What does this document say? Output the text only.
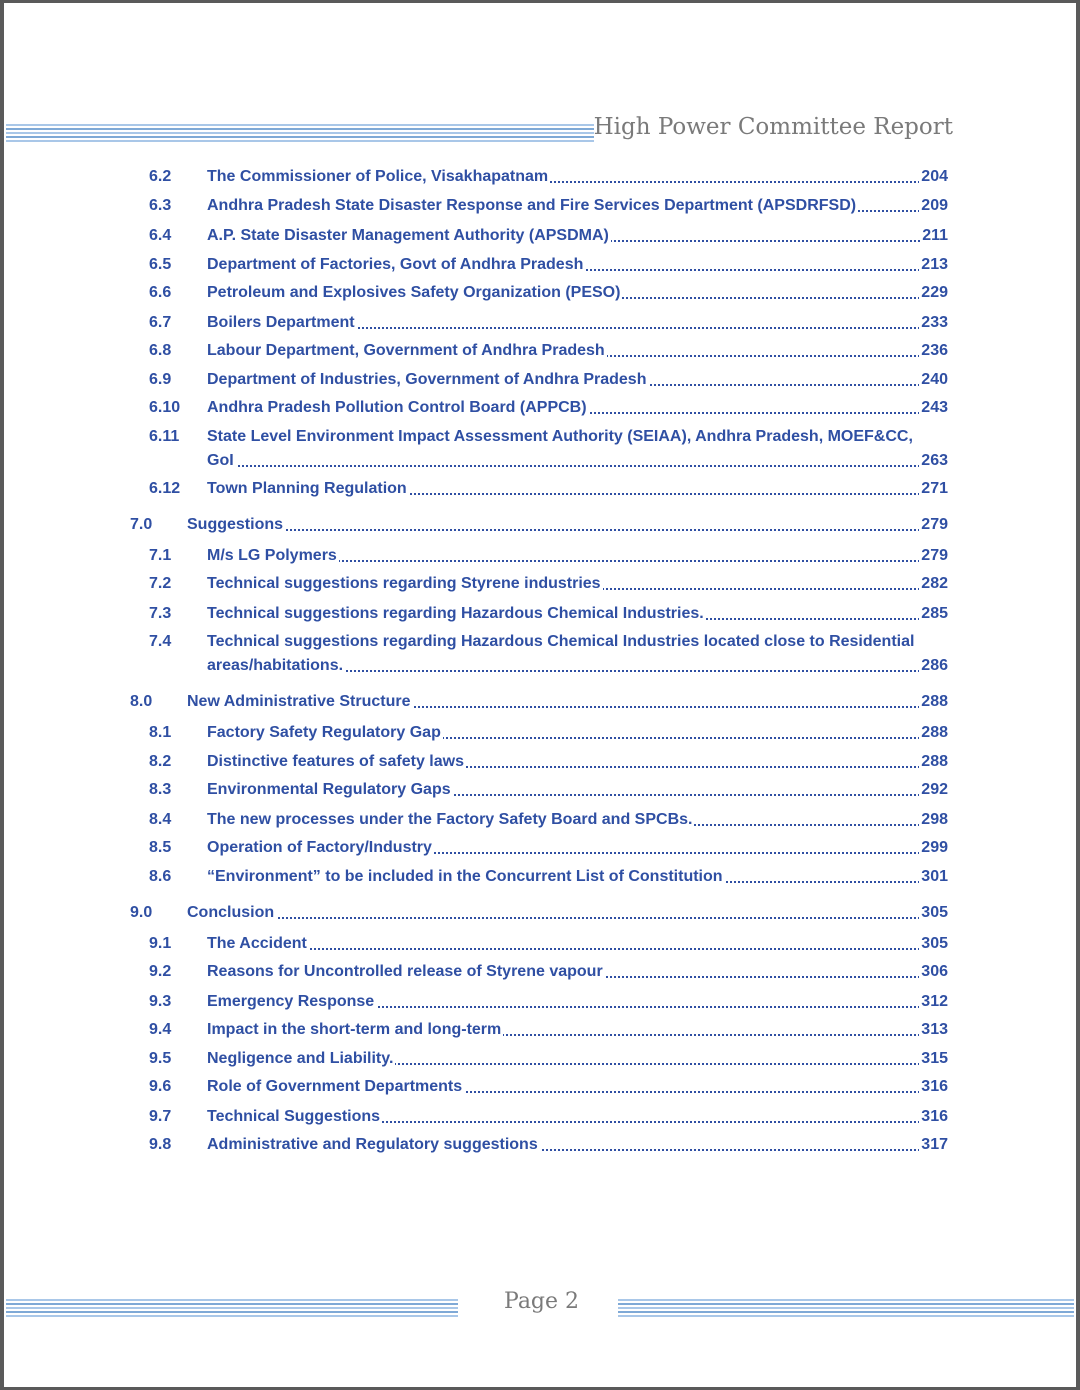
High Power Committee Report
6.2 The Commissioner of Police, Visakhapatnam	204
6.3 Andhra Pradesh State Disaster Response and Fire Services Department (APSDRFSD)	209
6.4 A.P. State Disaster Management Authority (APSDMA)	211
6.5 Department of Factories, Govt of Andhra Pradesh	213
6.6 Petroleum and Explosives Safety Organization (PESO)	229
6.7 Boilers Department	233
6.8 Labour Department, Government of Andhra Pradesh	236
6.9 Department of Industries, Government of Andhra Pradesh	240
6.10 Andhra Pradesh Pollution Control Board (APPCB)	243
6.11 State Level Environment Impact Assessment Authority (SEIAA), Andhra Pradesh, MOEF&CC,
GoI	263
6.12 Town Planning Regulation	271
7.0 Suggestions	279
7.1 M/s LG Polymers	279
7.2 Technical suggestions regarding Styrene industries	282
7.3 Technical suggestions regarding Hazardous Chemical Industries.	285
7.4 Technical suggestions regarding Hazardous Chemical Industries located close to Residential
areas/habitations.	286
8.0 New Administrative Structure	288
8.1 Factory Safety Regulatory Gap	288
8.2 Distinctive features of safety laws	288
8.3 Environmental Regulatory Gaps	292
8.4 The new processes under the Factory Safety Board and SPCBs.	298
8.5 Operation of Factory/Industry	299
8.6 “Environment” to be included in the Concurrent List of Constitution	301
9.0 Conclusion	305
9.1 The Accident	305
9.2 Reasons for Uncontrolled release of Styrene vapour	306
9.3 Emergency Response	312
9.4 Impact in the short-term and long-term	313
9.5 Negligence and Liability.	315
9.6 Role of Government Departments	316
9.7 Technical Suggestions	316
9.8 Administrative and Regulatory suggestions	317
Page 2
